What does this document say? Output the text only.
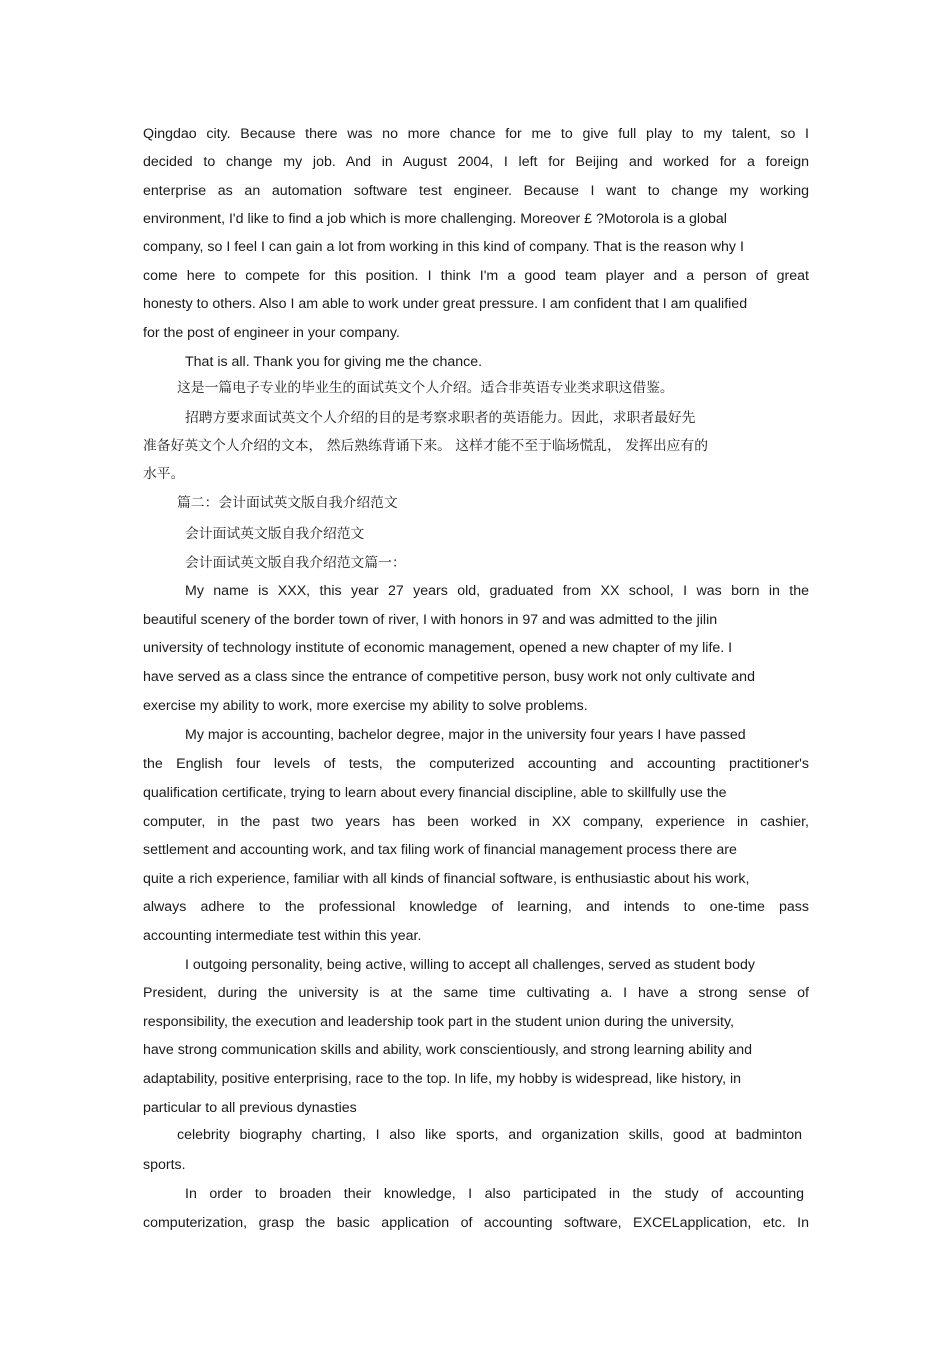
Qingdao city. Because there was no more chance for me to give full play to my talent, so I
decided to change my job. And in August 2004, I left for Beijing and worked for a foreign
enterprise as an automation software test engineer. Because I want to change my working
environment, I'd like to find a job which is more challenging. Moreover £ ?Motorola is a global
company, so I feel I can gain a lot from working in this kind of company. That is the reason why I
come here to compete for this position. I think I'm a good team player and a person of great
honesty to others. Also I am able to work under great pressure. I am confident that I am qualified
for the post of engineer in your company.
That is all. Thank you for giving me the chance.
这是一篇电子专业的毕业生的面试英文个人介绍。适合非英语专业类求职这借鉴。
招聘方要求面试英文个人介绍的目的是考察求职者的英语能力。因此，求职者最好先
准备好英文个人介绍的文本， 然后熟练背诵下来。 这样才能不至于临场慌乱， 发挥出应有的
水平。
篇二：会计面试英文版自我介绍范文
会计面试英文版自我介绍范文
会计面试英文版自我介绍范文篇一：
My name is XXX, this year 27 years old, graduated from XX school, I was born in the
beautiful scenery of the border town of river, I with honors in 97 and was admitted to the jilin
university of technology institute of economic management, opened a new chapter of my life. I
have served as a class since the entrance of competitive person, busy work not only cultivate and
exercise my ability to work, more exercise my ability to solve problems.
My major is accounting, bachelor degree, major in the university four years I have passed
the English four levels of tests, the computerized accounting and accounting practitioner's
qualification certificate, trying to learn about every financial discipline, able to skillfully use the
computer, in the past two years has been worked in XX company, experience in cashier,
settlement and accounting work, and tax filing work of financial management process there are
quite a rich experience, familiar with all kinds of financial software, is enthusiastic about his work,
always adhere to the professional knowledge of learning, and intends to one-time pass
accounting intermediate test within this year.
I outgoing personality, being active, willing to accept all challenges, served as student body
President, during the university is at the same time cultivating a. I have a strong sense of
responsibility, the execution and leadership took part in the student union during the university,
have strong communication skills and ability, work conscientiously, and strong learning ability and
adaptability, positive enterprising, race to the top. In life, my hobby is widespread, like history, in
particular to all previous dynasties
celebrity biography charting, I also like sports, and organization skills, good at badminton
sports.
In order to broaden their knowledge, I also participated in the study of accounting
computerization, grasp the basic application of accounting software, EXCELapplication, etc. In
